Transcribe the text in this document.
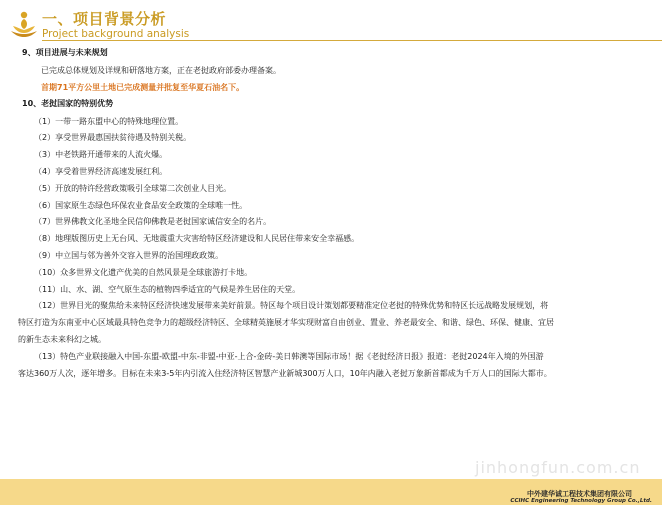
一、项目背景分析
Project background analysis
9、项目进展与未来规划
已完成总体规划及详规和研落地方案，正在老挝政府部委办理备案。
首期71平方公里土地已完成测量并批复至华夏石油名下。
10、老挝国家的特别优势
（1）一带一路东盟中心的特殊地理位置。
（2）享受世界最惠国扶贫待遇及特别关税。
（3）中老铁路开通带来的人流火爆。
（4）享受着世界经济高速发展红利。
（5）开放的特许经营政策吸引全球第二次创业人目光。
（6）国家原生态绿色环保农业食品安全政策的全球唯一性。
（7）世界佛教文化圣地全民信仰佛教是老挝国家诚信安全的名片。
（8）地理版图历史上无台风、无地震重大灾害给特区经济建设和人民居住带来安全幸福感。
（9）中立国与邻为善外交容入世界的治国理政政策。
（10）众多世界文化遗产优美的自然风景是全球旅游打卡地。
（11）山、水、湖、空气原生态的植物四季适宜的气候是养生居住的天堂。
（12）世界目光的聚焦给未来特区经济快速发展带来美好前景。特区每个项目设计策划都要精准定位老挝的特殊优势和特区长远战略发展规划，将
特区打造为东南亚中心区域最具特色竞争力的超级经济特区、全球精英施展才华实现财富自由创业、置业、养老最安全、和谐、绿色、环保、健康、宜居
的新生态未来科幻之城。
（13）特色产业联接融入中国-东盟-欧盟-中东-非盟-中亚-上合-金砖-美日韩澳等国际市场！据《老挝经济日报》报道：老挝2024年入境的外国游
客达360万人次，逐年增多。目标在未来3-5年内引流入住经济特区智慧产业新城300万人口，10年内融入老挝万象新首都成为千万人口的国际大都市。
jinhongfun.com.cn
中外建华诚工程技术集团有限公司
CCIHC Engineering Technology Group Co.,Ltd.
